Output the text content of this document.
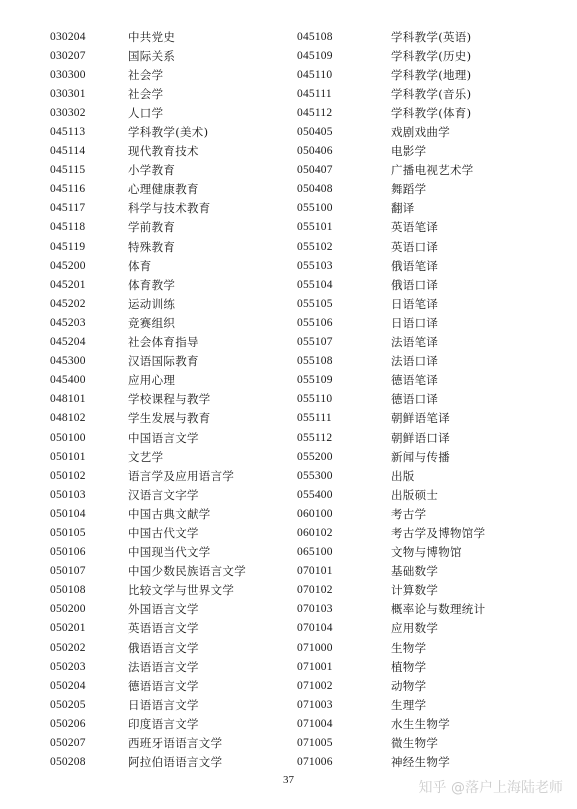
030204	中共党史
030207	国际关系
030300	社会学
030301	社会学
030302	人口学
045113	学科教学(美术)
045114	现代教育技术
045115	小学教育
045116	心理健康教育
045117	科学与技术教育
045118	学前教育
045119	特殊教育
045200	体育
045201	体育教学
045202	运动训练
045203	竞赛组织
045204	社会体育指导
045300	汉语国际教育
045400	应用心理
048101	学校课程与教学
048102	学生发展与教育
050100	中国语言文学
050101	文艺学
050102	语言学及应用语言学
050103	汉语言文字学
050104	中国古典文献学
050105	中国古代文学
050106	中国现当代文学
050107	中国少数民族语言文学
050108	比较文学与世界文学
050200	外国语言文学
050201	英语语言文学
050202	俄语语言文学
050203	法语语言文学
050204	德语语言文学
050205	日语语言文学
050206	印度语言文学
050207	西班牙语语言文学
050208	阿拉伯语语言文学
045108	学科教学(英语)
045109	学科教学(历史)
045110	学科教学(地理)
045111	学科教学(音乐)
045112	学科教学(体育)
050405	戏剧戏曲学
050406	电影学
050407	广播电视艺术学
050408	舞蹈学
055100	翻译
055101	英语笔译
055102	英语口译
055103	俄语笔译
055104	俄语口译
055105	日语笔译
055106	日语口译
055107	法语笔译
055108	法语口译
055109	德语笔译
055110	德语口译
055111	朝鲜语笔译
055112	朝鲜语口译
055200	新闻与传播
055300	出版
055400	出版硕士
060100	考古学
060102	考古学及博物馆学
065100	文物与博物馆
070101	基础数学
070102	计算数学
070103	概率论与数理统计
070104	应用数学
071000	生物学
071001	植物学
071002	动物学
071003	生理学
071004	水生生物学
071005	微生物学
071006	神经生物学
37	知乎 @落户上海陆老师
